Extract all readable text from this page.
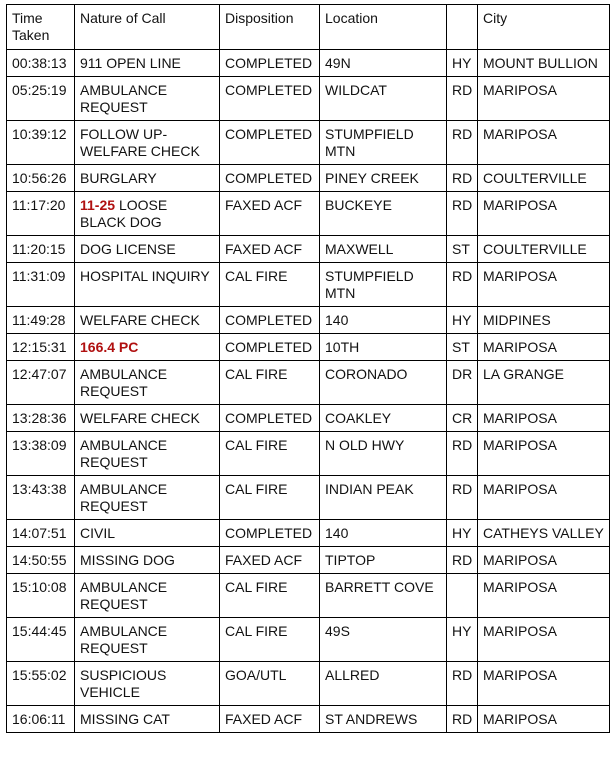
Time Taken	Nature of Call	Disposition	Location		City
00:38:13	911 OPEN LINE	COMPLETED	49N	HY	MOUNT BULLION
05:25:19	AMBULANCE REQUEST	COMPLETED	WILDCAT	RD	MARIPOSA
10:39:12	FOLLOW UP- WELFARE CHECK	COMPLETED	STUMPFIELD MTN	RD	MARIPOSA
10:56:26	BURGLARY	COMPLETED	PINEY CREEK	RD	COULTERVILLE
11:17:20	11-25 LOOSE BLACK DOG	FAXED ACF	BUCKEYE	RD	MARIPOSA
11:20:15	DOG LICENSE	FAXED ACF	MAXWELL	ST	COULTERVILLE
11:31:09	HOSPITAL INQUIRY	CAL FIRE	STUMPFIELD MTN	RD	MARIPOSA
11:49:28	WELFARE CHECK	COMPLETED	140	HY	MIDPINES
12:15:31	166.4 PC	COMPLETED	10TH	ST	MARIPOSA
12:47:07	AMBULANCE REQUEST	CAL FIRE	CORONADO	DR	LA GRANGE
13:28:36	WELFARE CHECK	COMPLETED	COAKLEY	CR	MARIPOSA
13:38:09	AMBULANCE REQUEST	CAL FIRE	N OLD HWY	RD	MARIPOSA
13:43:38	AMBULANCE REQUEST	CAL FIRE	INDIAN PEAK	RD	MARIPOSA
14:07:51	CIVIL	COMPLETED	140	HY	CATHEYS VALLEY
14:50:55	MISSING DOG	FAXED ACF	TIPTOP	RD	MARIPOSA
15:10:08	AMBULANCE REQUEST	CAL FIRE	BARRETT COVE		MARIPOSA
15:44:45	AMBULANCE REQUEST	CAL FIRE	49S	HY	MARIPOSA
15:55:02	SUSPICIOUS VEHICLE	GOA/UTL	ALLRED	RD	MARIPOSA
16:06:11	MISSING CAT	FAXED ACF	ST ANDREWS	RD	MARIPOSA
